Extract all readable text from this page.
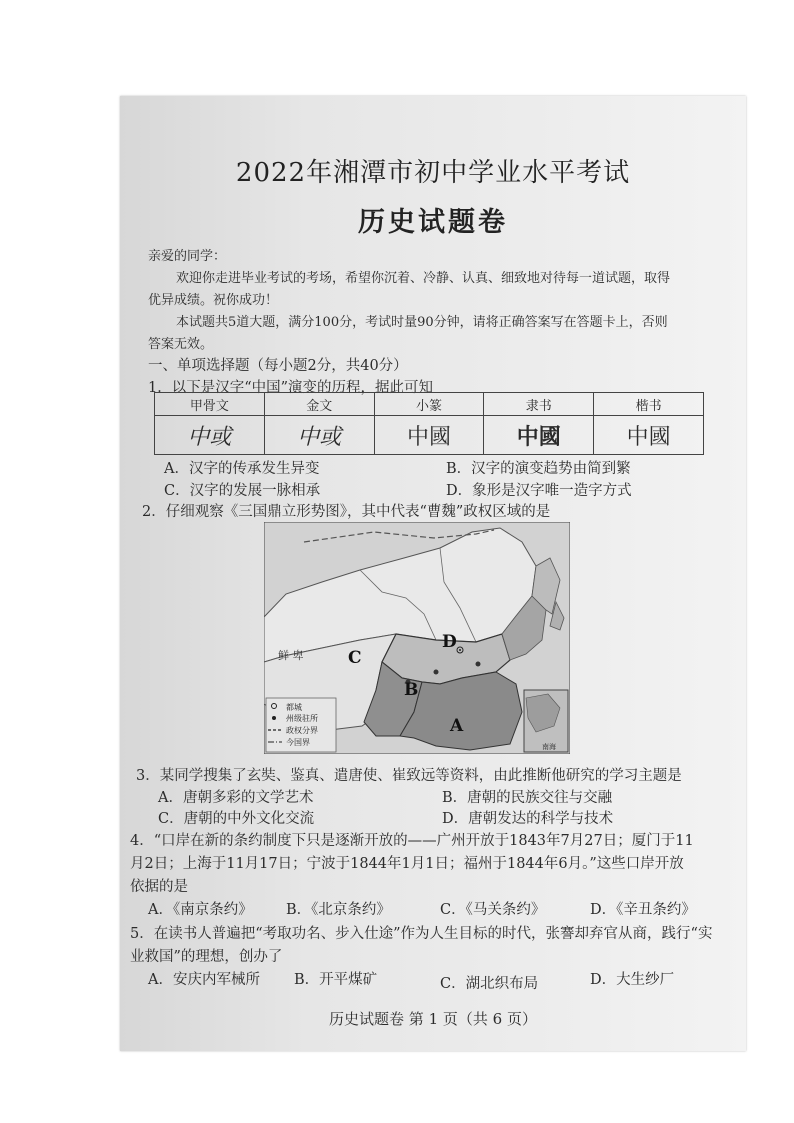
2022年湘潭市初中学业水平考试
历史试题卷
亲爱的同学：
欢迎你走进毕业考试的考场，希望你沉着、冷静、认真、细致地对待每一道试题，取得
优异成绩。祝你成功！
本试题共5道大题，满分100分，考试时量90分钟，请将正确答案写在答题卡上，否则
答案无效。
一、单项选择题（每小题2分，共40分）
1．以下是汉字“中国”演变的历程，据此可知
甲骨文	金文	小篆	隶书	楷书
中或	中或	中國	中國	中國
A．汉字的传承发生异变	B．汉字的演变趋势由简到繁
C．汉字的发展一脉相承	D．象形是汉字唯一造字方式
2．仔细观察《三国鼎立形势图》，其中代表“曹魏”政权区域的是
鲜 卑	C
D
B
A
都城
州级驻所
政权分界
今国界	南海
3．某同学搜集了玄奘、鉴真、遣唐使、崔致远等资料，由此推断他研究的学习主题是
A．唐朝多彩的文学艺术	B．唐朝的民族交往与交融
C．唐朝的中外文化交流	D．唐朝发达的科学与技术
4．“口岸在新的条约制度下只是逐渐开放的——广州开放于1843年7月27日；厦门于11
月2日；上海于11月17日；宁波于1844年1月1日；福州于1844年6月。”这些口岸开放
依据的是
A．《南京条约》 B．《北京条约》	C．《马关条约》	D．《辛丑条约》
5．在读书人普遍把“考取功名、步入仕途”作为人生目标的时代，张謇却弃官从商，践行“实
业救国”的理想，创办了
A．安庆内军械所 B．开平煤矿	C．湖北织布局	D．大生纱厂
历史试题卷 第 1 页（共 6 页）
